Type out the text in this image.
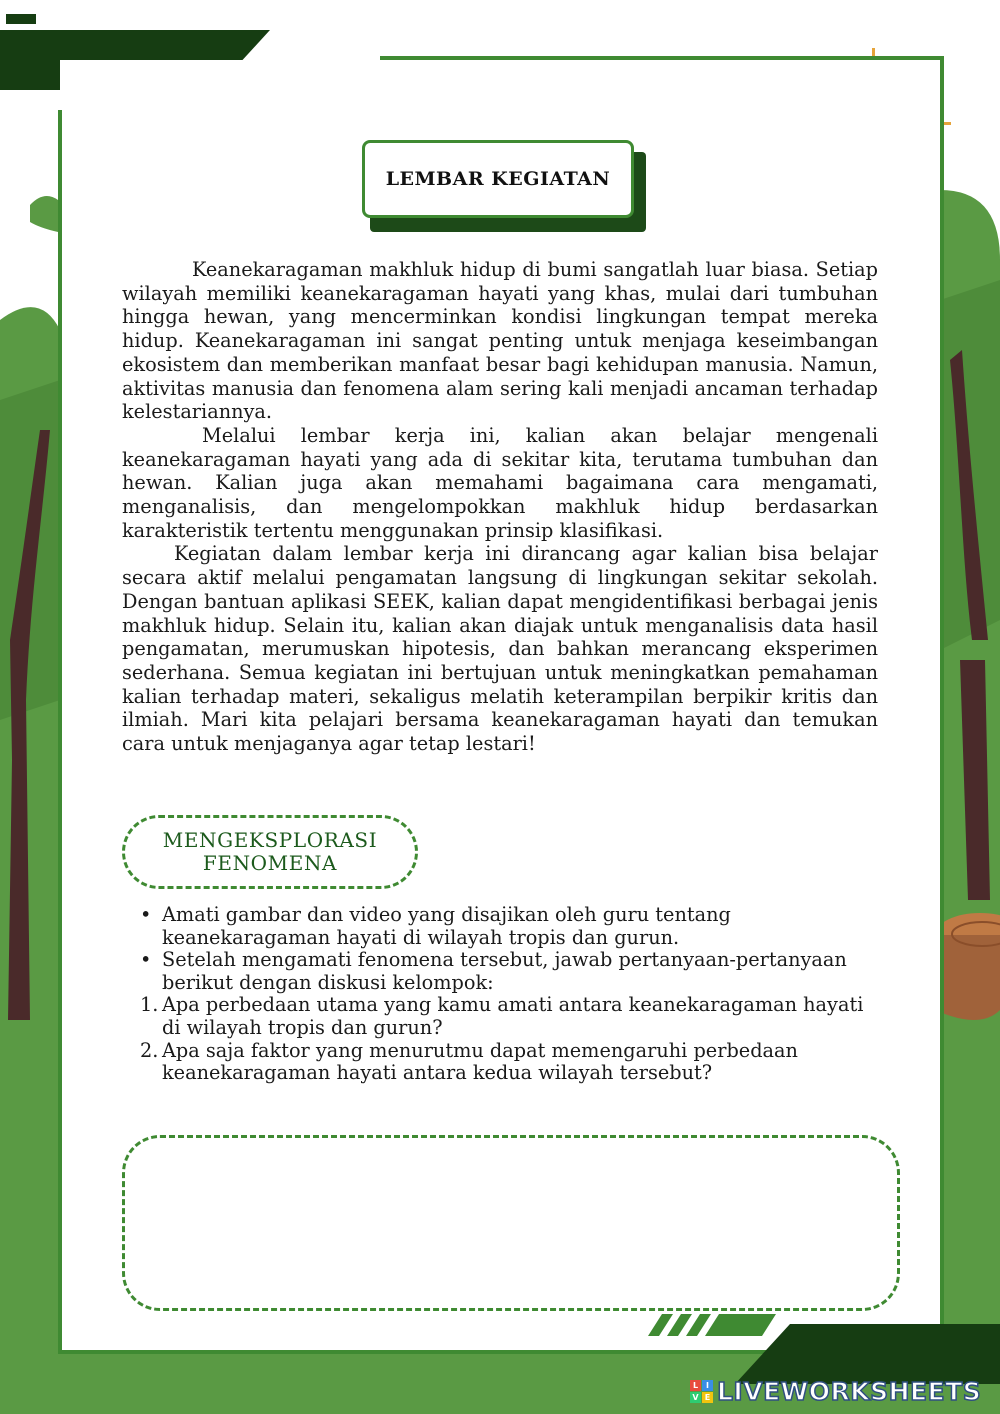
LEMBAR KEGIATAN

Keanekaragaman makhluk hidup di bumi sangatlah luar biasa. Setiap wilayah memiliki keanekaragaman hayati yang khas, mulai dari tumbuhan hingga hewan, yang mencerminkan kondisi lingkungan tempat mereka hidup. Keanekaragaman ini sangat penting untuk menjaga keseimbangan ekosistem dan memberikan manfaat besar bagi kehidupan manusia. Namun, aktivitas manusia dan fenomena alam sering kali menjadi ancaman terhadap kelestariannya.

Melalui lembar kerja ini, kalian akan belajar mengenali keanekaragaman hayati yang ada di sekitar kita, terutama tumbuhan dan hewan. Kalian juga akan memahami bagaimana cara mengamati, menganalisis, dan mengelompokkan makhluk hidup berdasarkan karakteristik tertentu menggunakan prinsip klasifikasi.

Kegiatan dalam lembar kerja ini dirancang agar kalian bisa belajar secara aktif melalui pengamatan langsung di lingkungan sekitar sekolah. Dengan bantuan aplikasi SEEK, kalian dapat mengidentifikasi berbagai jenis makhluk hidup. Selain itu, kalian akan diajak untuk menganalisis data hasil pengamatan, merumuskan hipotesis, dan bahkan merancang eksperimen sederhana. Semua kegiatan ini bertujuan untuk meningkatkan pemahaman kalian terhadap materi, sekaligus melatih keterampilan berpikir kritis dan ilmiah. Mari kita pelajari bersama keanekaragaman hayati dan temukan cara untuk menjaganya agar tetap lestari!

MENGEKSPLORASI FENOMENA
• Amati gambar dan video yang disajikan oleh guru tentang keanekaragaman hayati di wilayah tropis dan gurun.
• Setelah mengamati fenomena tersebut, jawab pertanyaan-pertanyaan berikut dengan diskusi kelompok:
1. Apa perbedaan utama yang kamu amati antara keanekaragaman hayati di wilayah tropis dan gurun?
2. Apa saja faktor yang menurutmu dapat memengaruhi perbedaan keanekaragaman hayati antara kedua wilayah tersebut?
L I
V E LIVEWORKSHEETS
